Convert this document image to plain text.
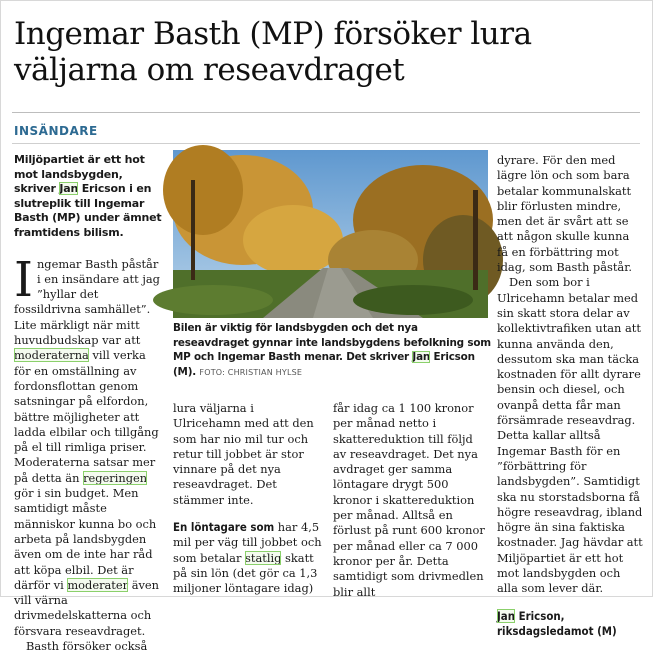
Ingemar Basth (MP) försöker lura
väljarna om reseavdraget
INSÄNDARE

Miljöpartiet är ett hot mot landsbygden, skriver Jan Ericson i en slutreplik till Ingemar Basth (MP) under ämnet framtidens bilism.

Ingemar Basth påstår i en insändare att jag ”hyllar det fossildrivna samhället”. Lite märkligt när mitt huvudbudskap var att moderaterna vill verka för en omställning av fordonsflottan genom satsningar på elfordon, bättre möjligheter att ladda elbilar och tillgång på el till rimliga priser. Moderaterna satsar mer på detta än regeringen gör i sin budget. Men samtidigt måste människor kunna bo och arbeta på landsbygden även om de inte har råd att köpa elbil. Det är därför vi moderater även vill värna drivmedelskatterna och försvara reseavdraget.

Basth försöker också

Bilen är viktig för landsbygden och det nya reseavdraget gynnar inte landsbygdens befolkning som MP och Ingemar Basth menar. Det skriver Jan Ericson (M). FOTO: CHRISTIAN HYLSE

lura väljarna i Ulricehamn med att den som har nio mil tur och retur till jobbet är stor vinnare på det nya reseavdraget. Det stämmer inte.

En löntagare som har 4,5 mil per väg till jobbet och som betalar statlig skatt på sin lön (det gör ca 1,3 miljoner löntagare idag)

får idag ca 1 100 kronor per månad netto i skattereduktion till följd av reseavdraget. Det nya avdraget ger samma löntagare drygt 500 kronor i skattereduktion per månad. Alltså en förlust på runt 600 kronor per månad eller ca 7 000 kronor per år. Detta samtidigt som drivmedlen blir allt

dyrare. För den med lägre lön och som bara betalar kommunalskatt blir förlusten mindre, men det är svårt att se att någon skulle kunna få en förbättring mot idag, som Basth påstår.

Den som bor i Ulricehamn betalar med sin skatt stora delar av kollektivtrafiken utan att kunna använda den, dessutom ska man täcka kostnaden för allt dyrare bensin och diesel, och ovanpå detta får man försämrade reseavdrag. Detta kallar alltså Ingemar Basth för en ”förbättring för landsbygden”. Samtidigt ska nu storstadsborna få högre reseavdrag, ibland högre än sina faktiska kostnader. Jag hävdar att Miljöpartiet är ett hot mot landsbygden och alla som lever där.

Jan Ericson, riksdagsledamot (M)
